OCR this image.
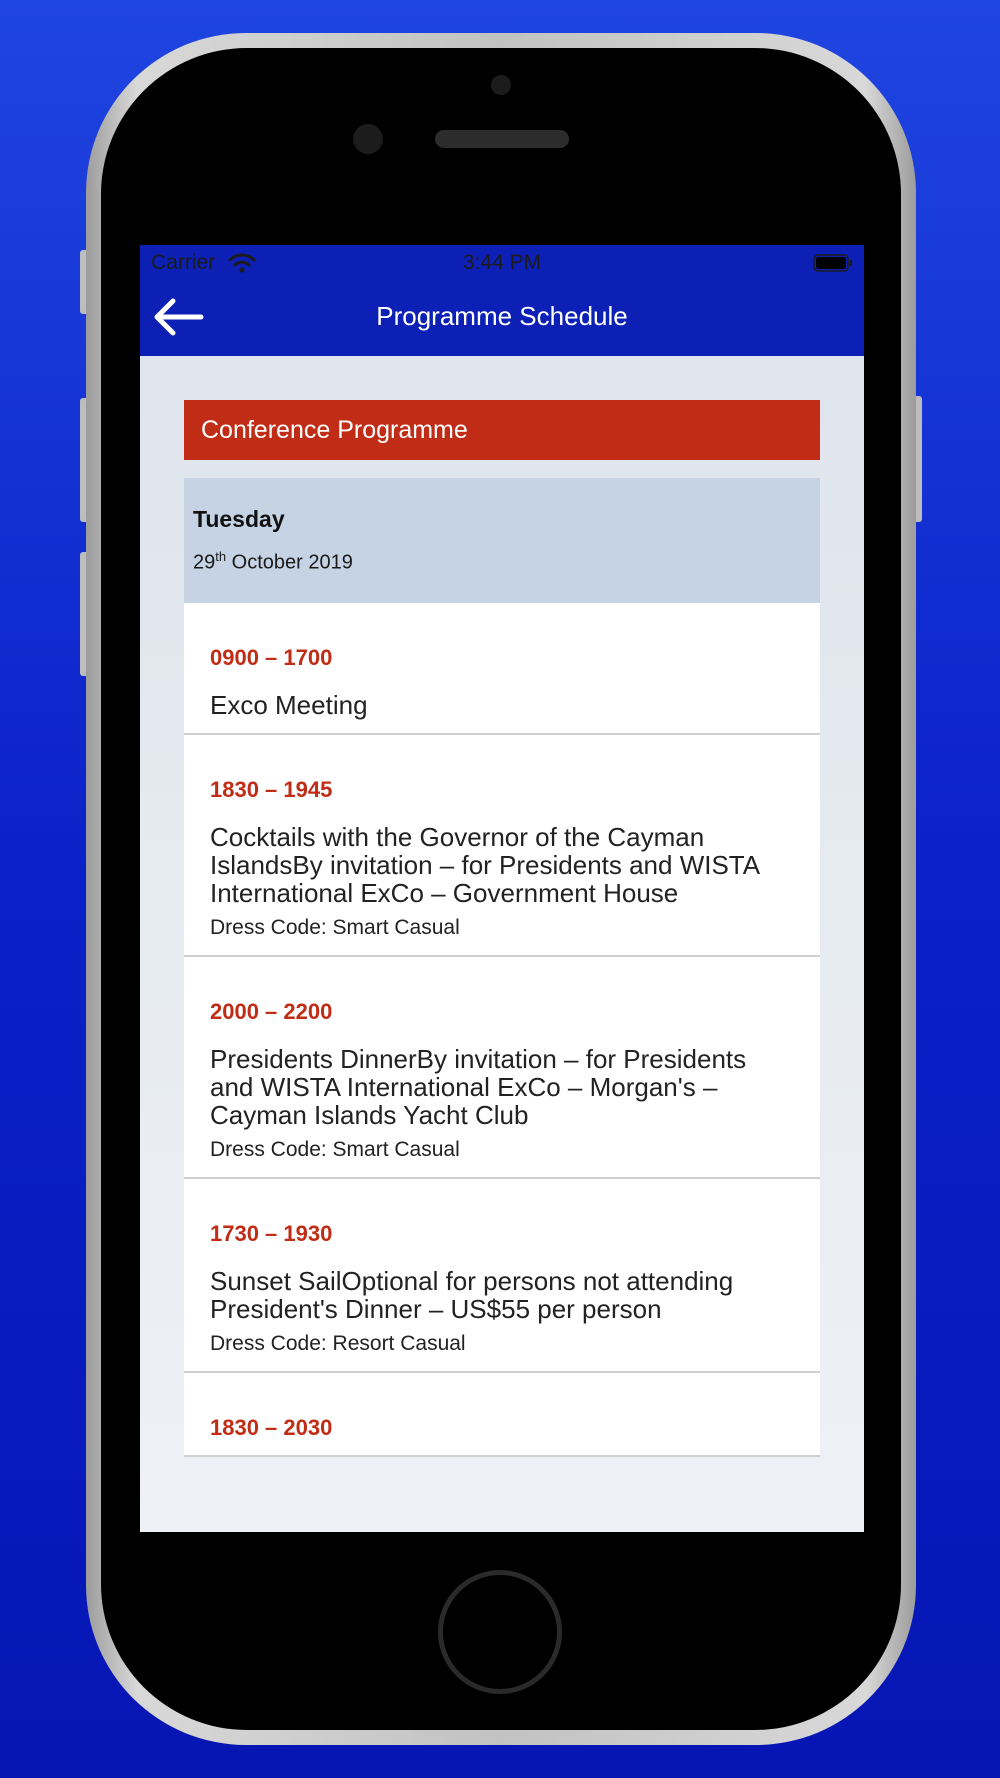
Carrier	3:44 PM
Programme Schedule
Conference Programme
Tuesday
29th October 2019
0900 – 1700
Exco Meeting
1830 – 1945
Cocktails with the Governor of the Cayman IslandsBy invitation – for Presidents and WISTA International ExCo – Government House
Dress Code: Smart Casual
2000 – 2200
Presidents DinnerBy invitation – for Presidents and WISTA International ExCo – Morgan's – Cayman Islands Yacht Club
Dress Code: Smart Casual
1730 – 1930
Sunset SailOptional for persons not attending President's Dinner – US$55 per person
Dress Code: Resort Casual
1830 – 2030
